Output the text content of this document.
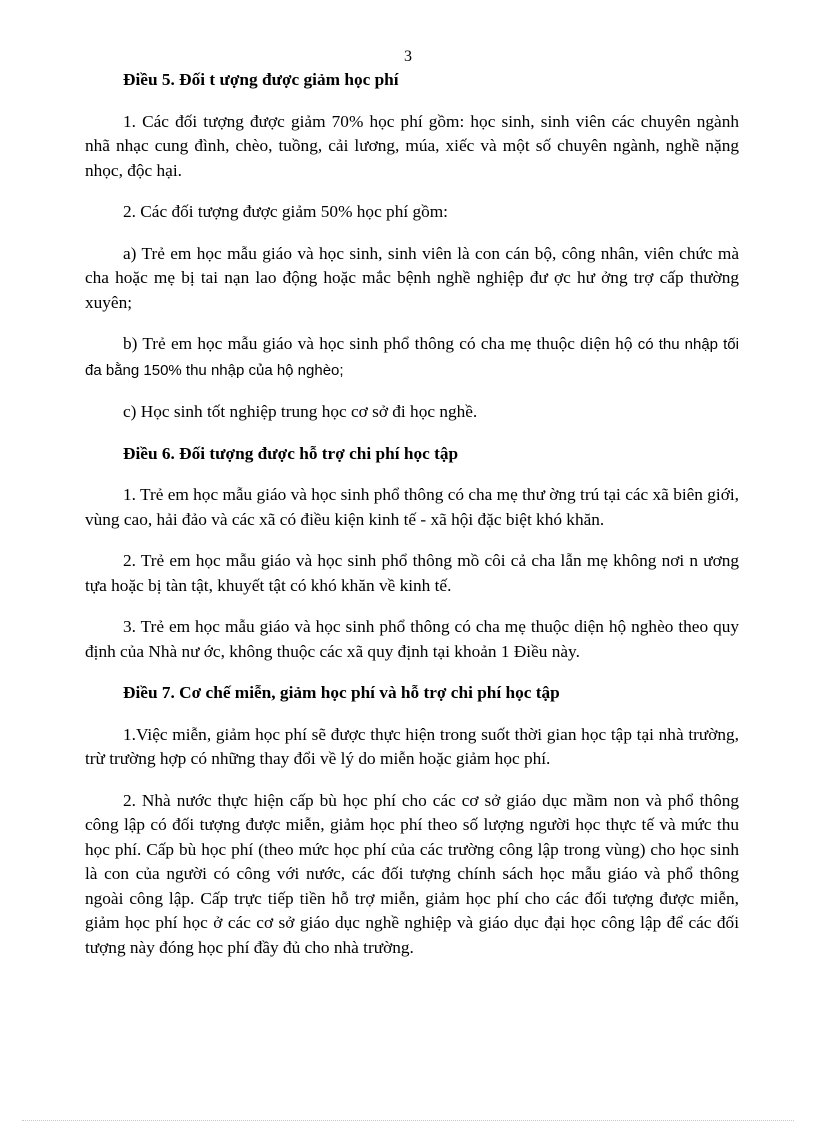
3

Điều 5. Đối t ượng được giảm học phí

1. Các đối tượng được giảm 70% học phí gồm: học sinh, sinh viên các chuyên ngành nhã nhạc cung đình, chèo, tuồng, cải lương, múa, xiếc và một số chuyên ngành, nghề nặng nhọc, độc hại.

2. Các đối tượng được giảm 50% học phí gồm:

a) Trẻ em học mẫu giáo và học sinh, sinh viên là con cán bộ, công nhân, viên chức mà cha hoặc mẹ bị tai nạn lao động hoặc mắc bệnh nghề nghiệp đư ợc hư ởng trợ cấp thường xuyên;

b) Trẻ em học mẫu giáo và học sinh phổ thông có cha mẹ thuộc diện hộ có thu nhập tối đa bằng 150% thu nhập của hộ nghèo;

c) Học sinh tốt nghiệp trung học cơ sở đi học nghề.

Điều 6. Đối tượng được hỗ trợ chi phí học tập

1. Trẻ em học mẫu giáo và học sinh phổ thông có cha mẹ thư ờng trú tại các xã biên giới, vùng cao, hải đảo và các xã có điều kiện kinh tế - xã hội đặc biệt khó khăn.

2. Trẻ em học mẫu giáo và học sinh phổ thông mồ côi cả cha lẫn mẹ không nơi n ương tựa hoặc bị tàn tật, khuyết tật có khó khăn về kinh tế.

3. Trẻ em học mẫu giáo và học sinh phổ thông có cha mẹ thuộc diện hộ nghèo theo quy định của Nhà nư ớc, không thuộc các xã quy định tại khoản 1 Điều này.

Điều 7. Cơ chế miễn, giảm học phí và hỗ trợ chi phí học tập

1.Việc miễn, giảm học phí sẽ được thực hiện trong suốt thời gian học tập tại nhà trường, trừ trường hợp có những thay đổi về lý do miễn hoặc giảm học phí.

2. Nhà nước thực hiện cấp bù học phí cho các cơ sở giáo dục mầm non và phổ thông công lập có đối tượng được miễn, giảm học phí theo số lượng người học thực tế và mức thu học phí. Cấp bù học phí (theo mức học phí của các trường công lập trong vùng) cho học sinh là con của người có công với nước, các đối tượng chính sách học mẫu giáo và phổ thông ngoài công lập. Cấp trực tiếp tiền hỗ trợ miễn, giảm học phí cho các đối tượng được miễn, giảm học phí học ở các cơ sở giáo dục nghề nghiệp và giáo dục đại học công lập để các đối tượng này đóng học phí đầy đủ cho nhà trường.
